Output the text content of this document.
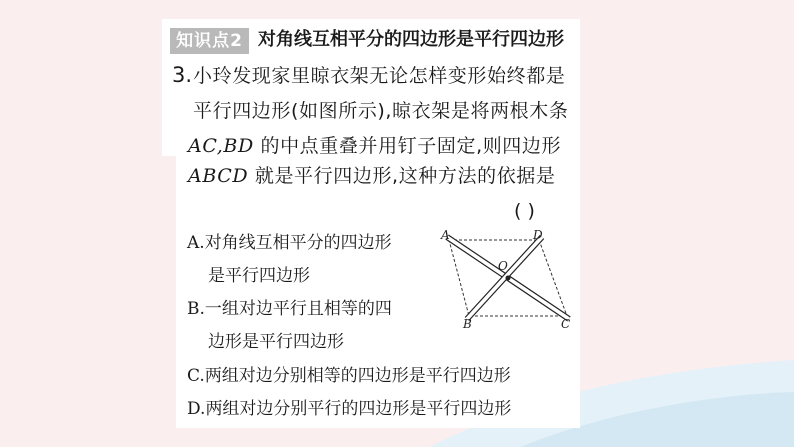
知识点2 对角线互相平分的四边形是平行四边形
3. 小玲发现家里晾衣架无论怎样变形始终都是
平行四边形(如图所示),晾衣架是将两根木条
AC,BD 的中点重叠并用钉子固定,则四边形
ABCD 就是平行四边形,这种方法的依据是
( )
A.对角线互相平分的四边形
是平行四边形
B.一组对边平行且相等的四
边形是平行四边形
C.两组对边分别相等的四边形是平行四边形
D.两组对边分别平行的四边形是平行四边形
A	D
O
B	C
